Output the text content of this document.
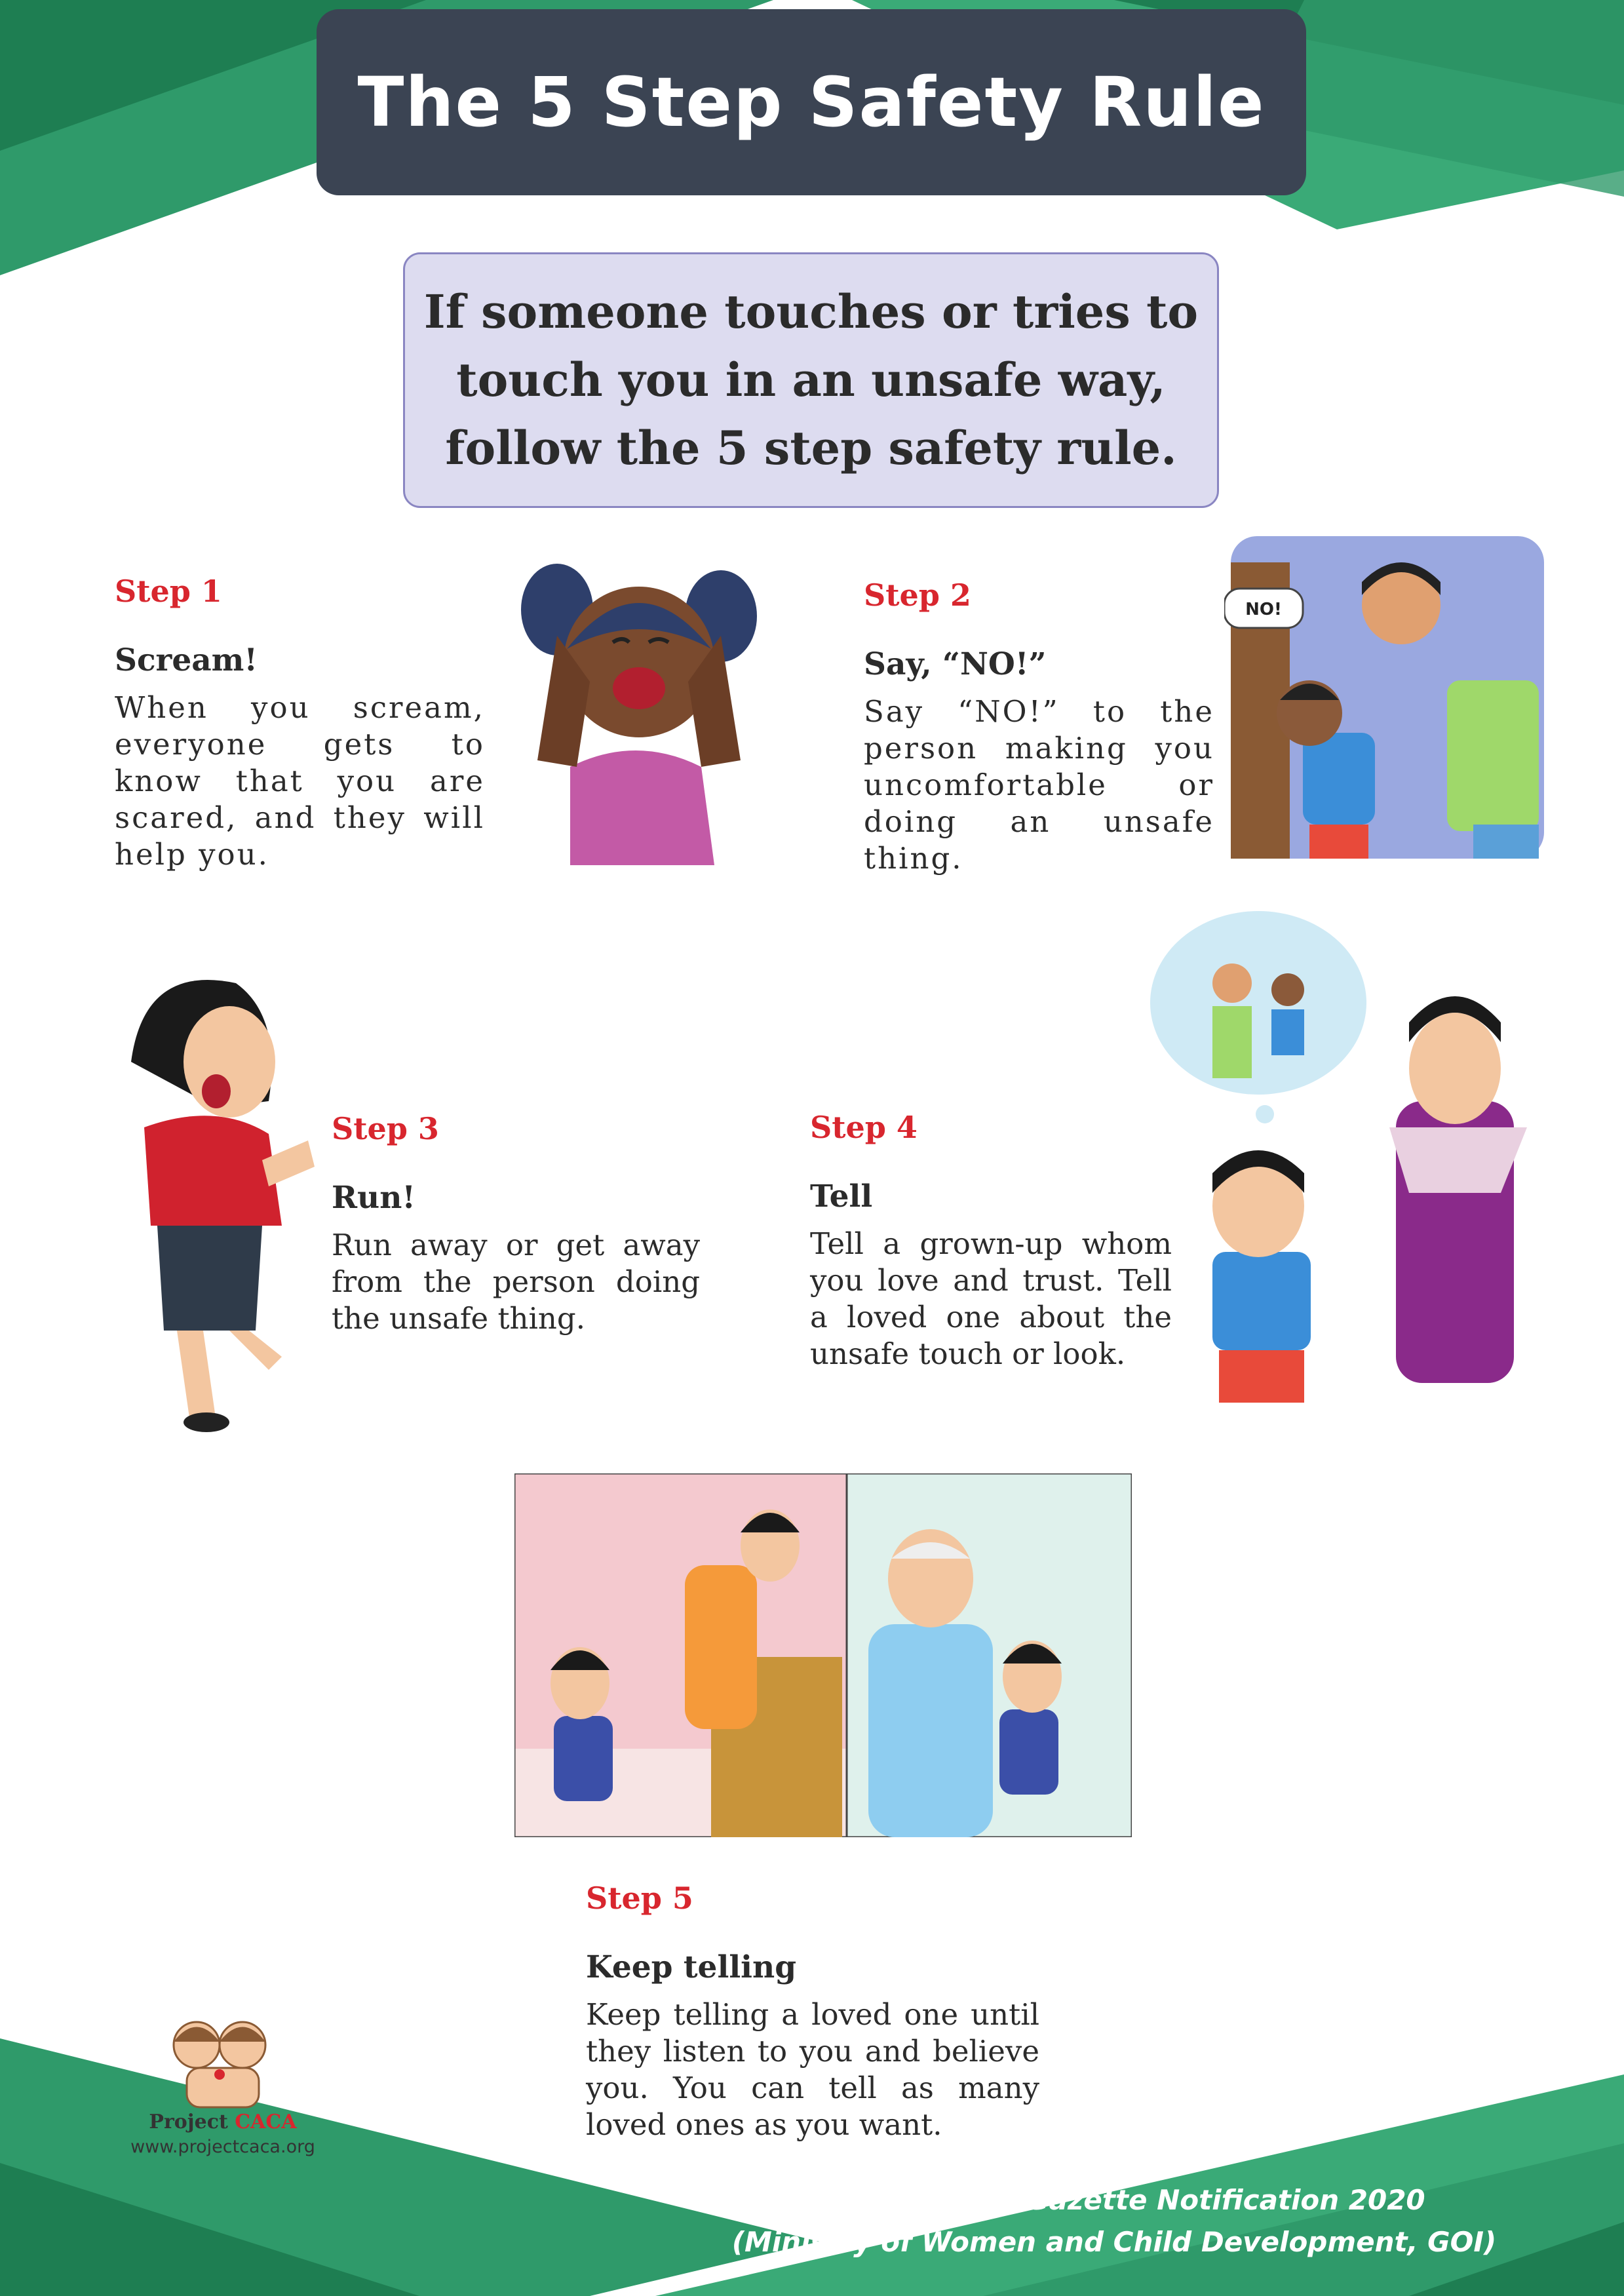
The 5 Step Safety Rule
If someone touches or tries to touch you in an unsafe way, follow the 5 step safety rule.
Step 1
Scream!
When you scream, everyone gets to know that you are scared, and they will help you.
Step 2
Say, “NO!”
Say “NO!” to the person making you uncomfortable or doing an unsafe thing.
NO!
Step 3
Run!
Run away or get away from the person doing the unsafe thing.
Step 4
Tell
Tell a grown-up whom you love and trust. Tell a loved one about the unsafe touch or look.
Step 5
Keep telling
Keep telling a loved one until they listen to you and believe you. You can tell as many loved ones as you want.
Project CACA
www.projectcaca.org
*POCSO Rules Gazette Notification 2020
(Ministry of Women and Child Development, GOI)
